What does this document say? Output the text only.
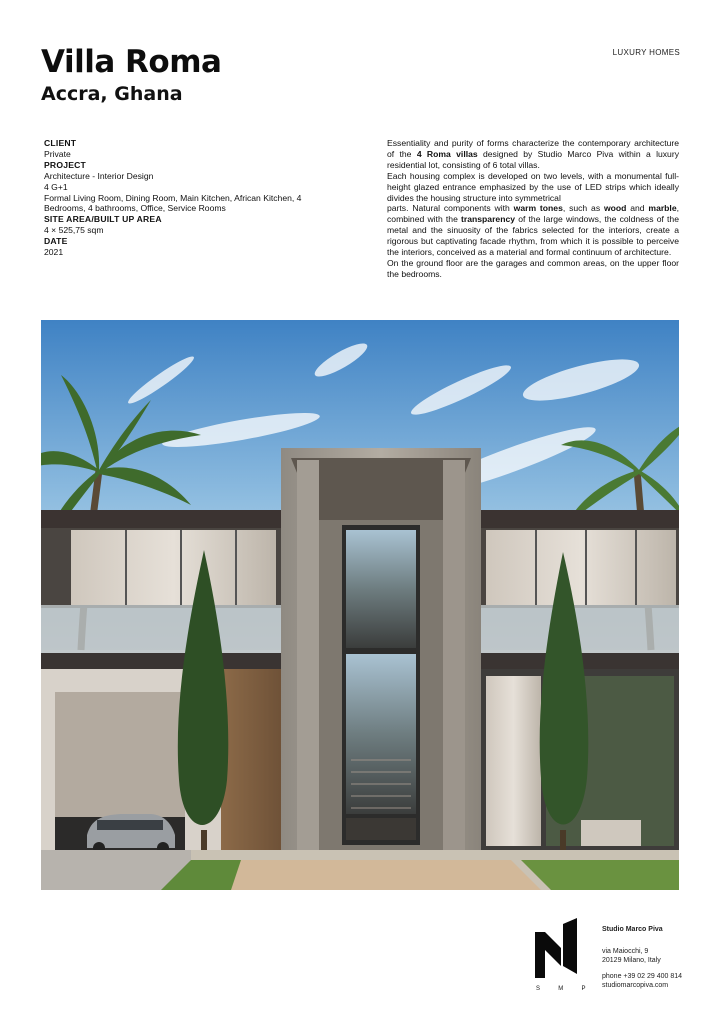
Villa Roma
Accra, Ghana
LUXURY HOMES
CLIENT
Private
PROJECT
Architecture - Interior Design
4 G+1
Formal Living Room, Dining Room, Main Kitchen, African Kitchen, 4 Bedrooms, 4 bathrooms, Office, Service Rooms
SITE AREA/BUILT UP AREA
4 × 525,75 sqm
DATE
2021

Essentiality and purity of forms characterize the contemporary architecture of the 4 Roma villas designed by Studio Marco Piva within a luxury residential lot, consisting of 6 total villas.

Each housing complex is developed on two levels, with a monumental full-height glazed entrance emphasized by the use of LED strips which ideally divides the housing structure into symmetrical

parts. Natural components with warm tones, such as wood and marble, combined with the transparency of the large windows, the coldness of the metal and the sinuosity of the fabrics selected for the interiors, create a rigorous but captivating facade rhythm, from which it is possible to perceive the interiors, conceived as a material and formal continuum of architecture.

On the ground floor are the garages and common areas, on the upper floor the bedrooms.

S	M	P
Studio Marco Piva
via Maiocchi, 9
20129 Milano, Italy
phone +39 02 29 400 814
studiomarcopiva.com
